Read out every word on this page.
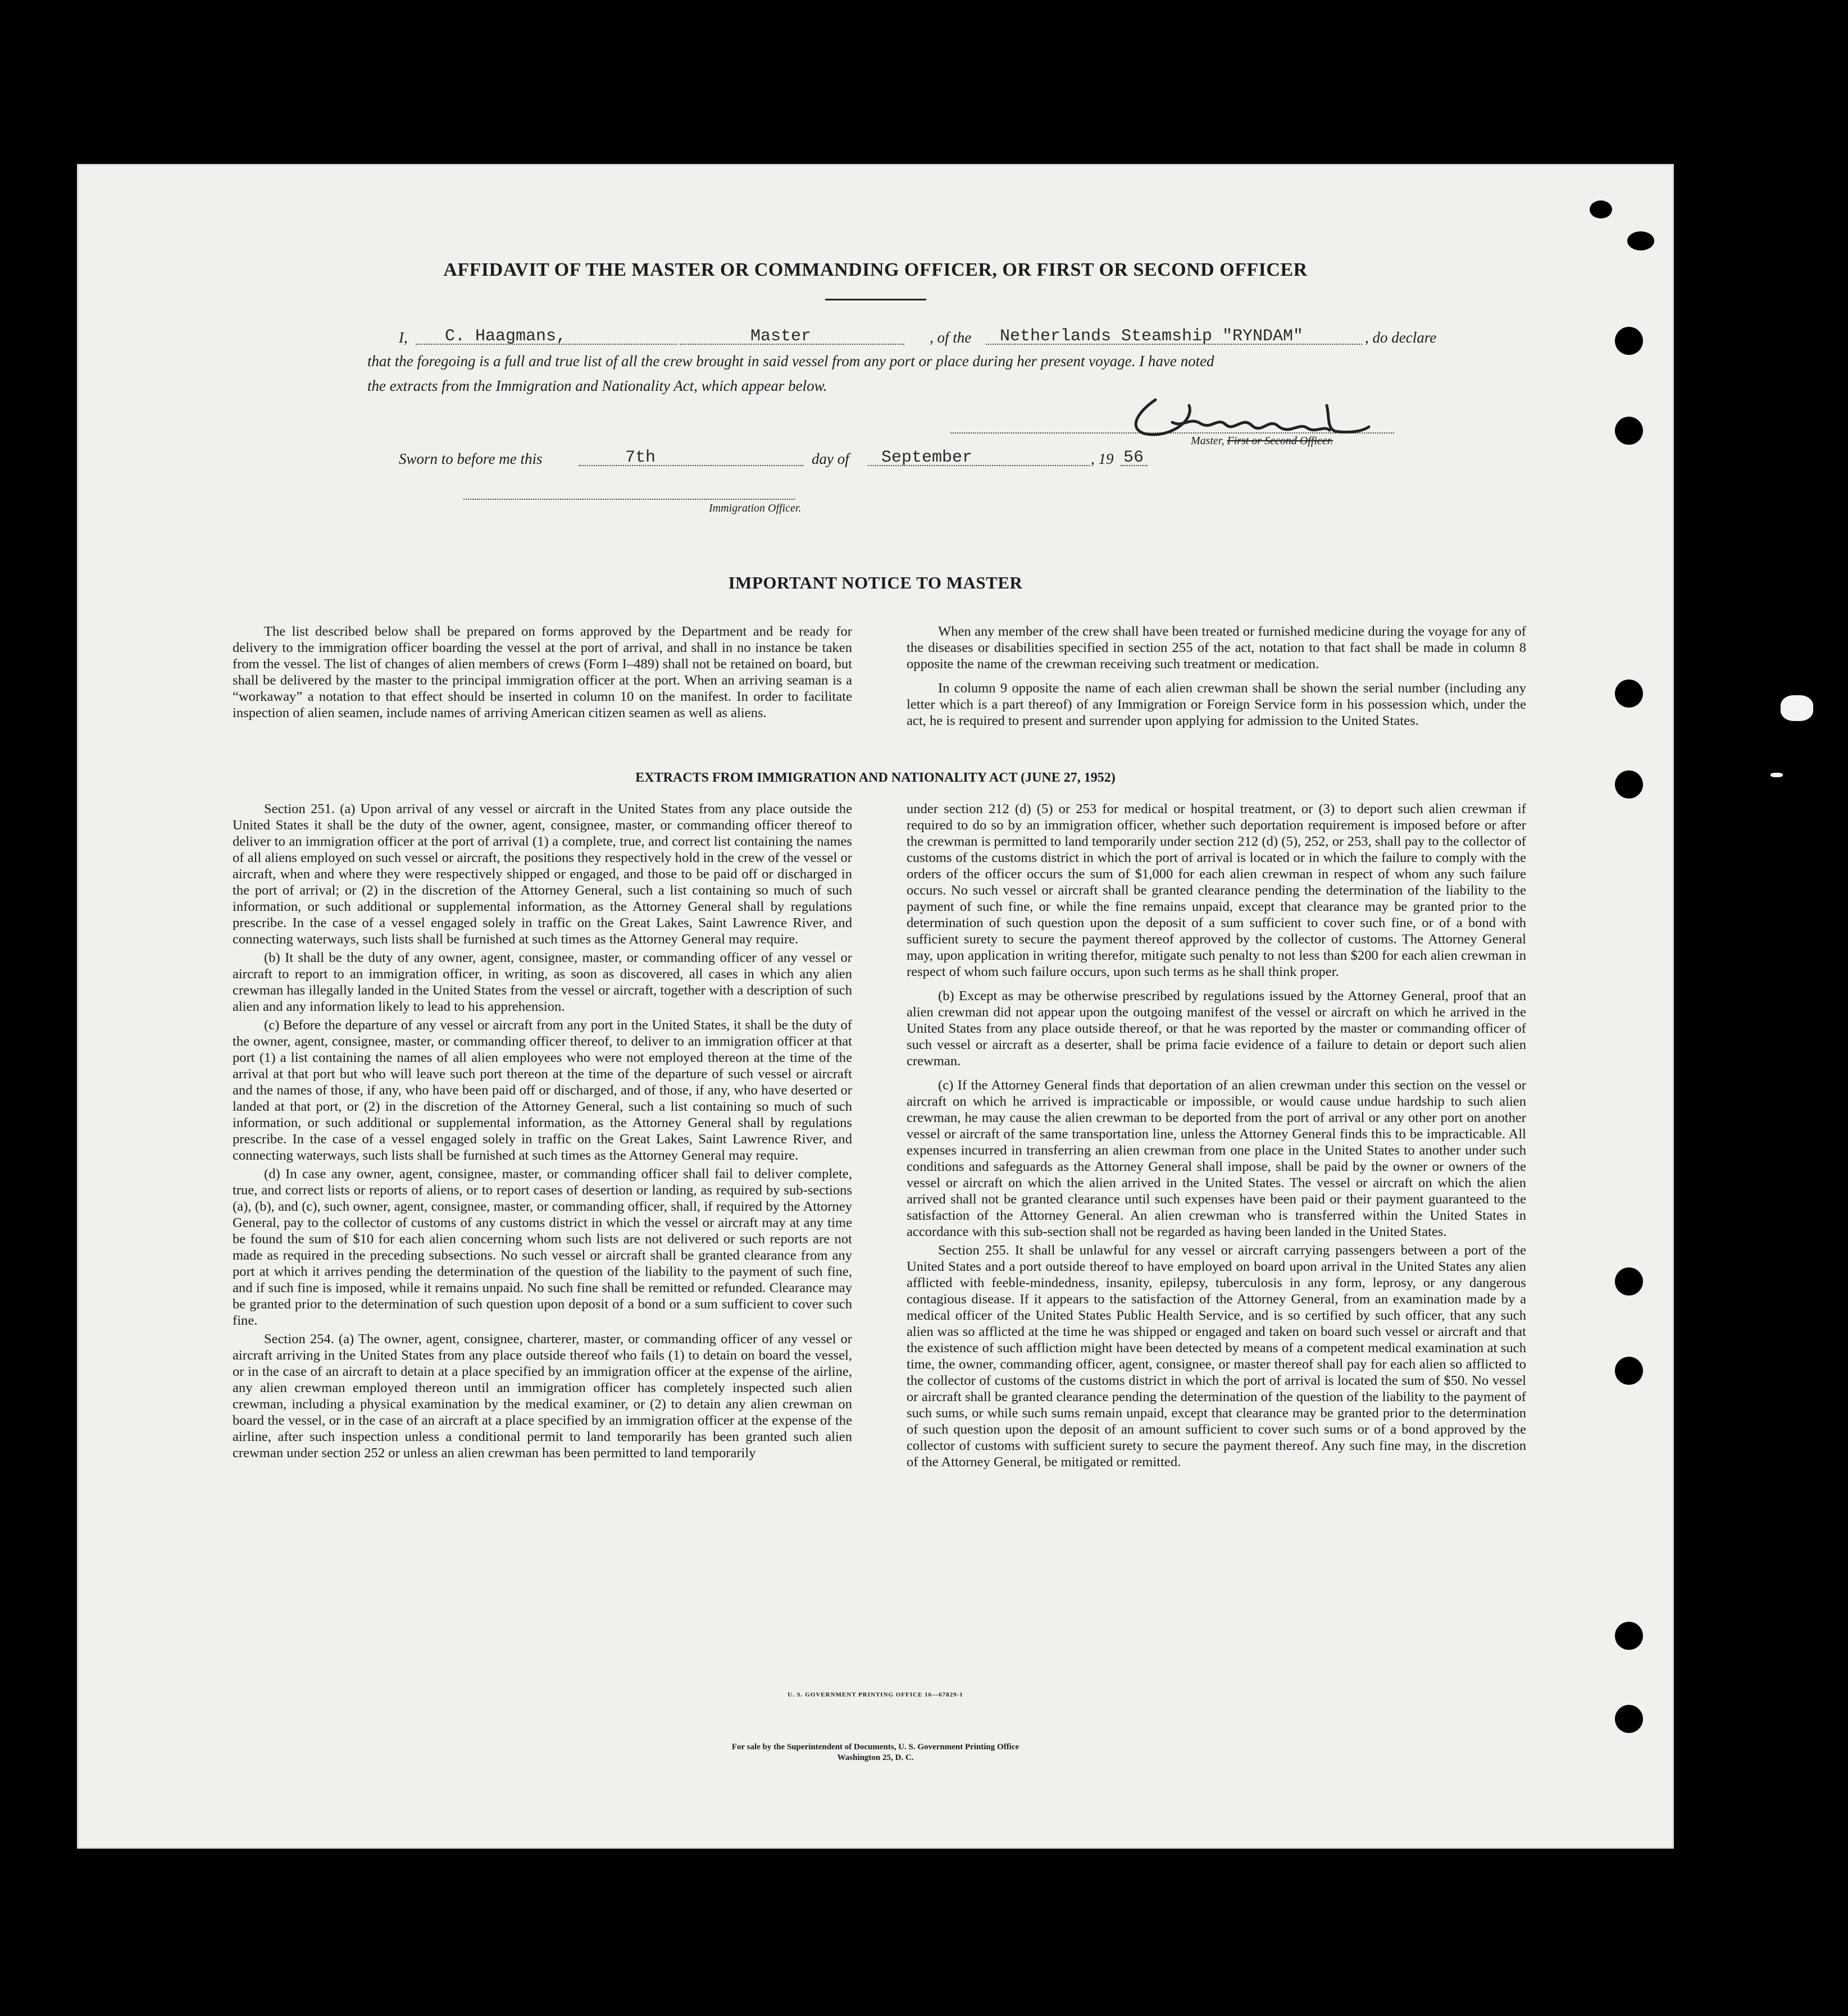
AFFIDAVIT OF THE MASTER OR COMMANDING OFFICER, OR FIRST OR SECOND OFFICER
I,	C. Haagmans,	Master	, of the	Netherlands Steamship "RYNDAM"	, do declare
that the foregoing is a full and true list of all the crew brought in said vessel from any port or place during her present voyage. I have noted
the extracts from the Immigration and Nationality Act, which appear below.
Master, First or Second Officer.
Sworn to before me this	7th	day of	September	, 19 56
Immigration Officer.
IMPORTANT NOTICE TO MASTER

The list described below shall be prepared on forms approved by the Department and be ready for delivery to the immigration officer boarding the vessel at the port of arrival, and shall in no instance be taken from the vessel. The list of changes of alien members of crews (Form I–489) shall not be retained on board, but shall be delivered by the master to the principal immigration officer at the port. When an arriving seaman is a “workaway” a notation to that effect should be inserted in column 10 on the manifest. In order to facilitate inspection of alien seamen, include names of arriving American citizen seamen as well as aliens.

When any member of the crew shall have been treated or furnished medicine during the voyage for any of the diseases or disabilities specified in section 255 of the act, notation to that fact shall be made in column 8 opposite the name of the crewman receiving such treatment or medication.

In column 9 opposite the name of each alien crewman shall be shown the serial number (including any letter which is a part thereof) of any Immigration or Foreign Service form in his possession which, under the act, he is required to present and surrender upon applying for admission to the United States.

EXTRACTS FROM IMMIGRATION AND NATIONALITY ACT (JUNE 27, 1952)

Section 251. (a) Upon arrival of any vessel or aircraft in the United States from any place outside the United States it shall be the duty of the owner, agent, consignee, master, or commanding officer thereof to deliver to an immigration officer at the port of arrival (1) a complete, true, and correct list containing the names of all aliens employed on such vessel or aircraft, the positions they respectively hold in the crew of the vessel or aircraft, when and where they were respectively shipped or engaged, and those to be paid off or discharged in the port of arrival; or (2) in the discretion of the Attorney General, such a list containing so much of such information, or such additional or supplemental information, as the Attorney General shall by regulations prescribe. In the case of a vessel engaged solely in traffic on the Great Lakes, Saint Lawrence River, and connecting waterways, such lists shall be furnished at such times as the Attorney General may require.

(b) It shall be the duty of any owner, agent, consignee, master, or commanding officer of any vessel or aircraft to report to an immigration officer, in writing, as soon as discovered, all cases in which any alien crewman has illegally landed in the United States from the vessel or aircraft, together with a description of such alien and any information likely to lead to his apprehension.

(c) Before the departure of any vessel or aircraft from any port in the United States, it shall be the duty of the owner, agent, consignee, master, or commanding officer thereof, to deliver to an immigration officer at that port (1) a list containing the names of all alien employees who were not employed thereon at the time of the arrival at that port but who will leave such port thereon at the time of the departure of such vessel or aircraft and the names of those, if any, who have been paid off or discharged, and of those, if any, who have deserted or landed at that port, or (2) in the discretion of the Attorney General, such a list containing so much of such information, or such additional or supplemental information, as the Attorney General shall by regulations prescribe. In the case of a vessel engaged solely in traffic on the Great Lakes, Saint Lawrence River, and connecting waterways, such lists shall be furnished at such times as the Attorney General may require.

(d) In case any owner, agent, consignee, master, or commanding officer shall fail to deliver complete, true, and correct lists or reports of aliens, or to report cases of desertion or landing, as required by sub-sections (a), (b), and (c), such owner, agent, consignee, master, or commanding officer, shall, if required by the Attorney General, pay to the collector of customs of any customs district in which the vessel or aircraft may at any time be found the sum of $10 for each alien concerning whom such lists are not delivered or such reports are not made as required in the preceding subsections. No such vessel or aircraft shall be granted clearance from any port at which it arrives pending the determination of the question of the liability to the payment of such fine, and if such fine is imposed, while it remains unpaid. No such fine shall be remitted or refunded. Clearance may be granted prior to the determination of such question upon deposit of a bond or a sum sufficient to cover such fine.

Section 254. (a) The owner, agent, consignee, charterer, master, or commanding officer of any vessel or aircraft arriving in the United States from any place outside thereof who fails (1) to detain on board the vessel, or in the case of an aircraft to detain at a place specified by an immigration officer at the expense of the airline, any alien crewman employed thereon until an immigration officer has completely inspected such alien crewman, including a physical examination by the medical examiner, or (2) to detain any alien crewman on board the vessel, or in the case of an aircraft at a place specified by an immigration officer at the expense of the airline, after such inspection unless a conditional permit to land temporarily has been granted such alien crewman under section 252 or unless an alien crewman has been permitted to land temporarily

under section 212 (d) (5) or 253 for medical or hospital treatment, or (3) to deport such alien crewman if required to do so by an immigration officer, whether such deportation requirement is imposed before or after the crewman is permitted to land temporarily under section 212 (d) (5), 252, or 253, shall pay to the collector of customs of the customs district in which the port of arrival is located or in which the failure to comply with the orders of the officer occurs the sum of $1,000 for each alien crewman in respect of whom any such failure occurs. No such vessel or aircraft shall be granted clearance pending the determination of the liability to the payment of such fine, or while the fine remains unpaid, except that clearance may be granted prior to the determination of such question upon the deposit of a sum sufficient to cover such fine, or of a bond with sufficient surety to secure the payment thereof approved by the collector of customs. The Attorney General may, upon application in writing therefor, mitigate such penalty to not less than $200 for each alien crewman in respect of whom such failure occurs, upon such terms as he shall think proper.

(b) Except as may be otherwise prescribed by regulations issued by the Attorney General, proof that an alien crewman did not appear upon the outgoing manifest of the vessel or aircraft on which he arrived in the United States from any place outside thereof, or that he was reported by the master or commanding officer of such vessel or aircraft as a deserter, shall be prima facie evidence of a failure to detain or deport such alien crewman.

(c) If the Attorney General finds that deportation of an alien crewman under this section on the vessel or aircraft on which he arrived is impracticable or impossible, or would cause undue hardship to such alien crewman, he may cause the alien crewman to be deported from the port of arrival or any other port on another vessel or aircraft of the same transportation line, unless the Attorney General finds this to be impracticable. All expenses incurred in transferring an alien crewman from one place in the United States to another under such conditions and safeguards as the Attorney General shall impose, shall be paid by the owner or owners of the vessel or aircraft on which the alien arrived in the United States. The vessel or aircraft on which the alien arrived shall not be granted clearance until such expenses have been paid or their payment guaranteed to the satisfaction of the Attorney General. An alien crewman who is transferred within the United States in accordance with this sub-section shall not be regarded as having been landed in the United States.

Section 255. It shall be unlawful for any vessel or aircraft carrying passengers between a port of the United States and a port outside thereof to have employed on board upon arrival in the United States any alien afflicted with feeble-mindedness, insanity, epilepsy, tuberculosis in any form, leprosy, or any dangerous contagious disease. If it appears to the satisfaction of the Attorney General, from an examination made by a medical officer of the United States Public Health Service, and is so certified by such officer, that any such alien was so afflicted at the time he was shipped or engaged and taken on board such vessel or aircraft and that the existence of such affliction might have been detected by means of a competent medical examination at such time, the owner, commanding officer, agent, consignee, or master thereof shall pay for each alien so afflicted to the collector of customs of the customs district in which the port of arrival is located the sum of $50. No vessel or aircraft shall be granted clearance pending the determination of the question of the liability to the payment of such sums, or while such sums remain unpaid, except that clearance may be granted prior to the determination of such question upon the deposit of an amount sufficient to cover such sums or of a bond approved by the collector of customs with sufficient surety to secure the payment thereof. Any such fine may, in the discretion of the Attorney General, be mitigated or remitted.

U. S. GOVERNMENT PRINTING OFFICE 16—67829-1
For sale by the Superintendent of Documents, U. S. Government Printing Office
Washington 25, D. C.
